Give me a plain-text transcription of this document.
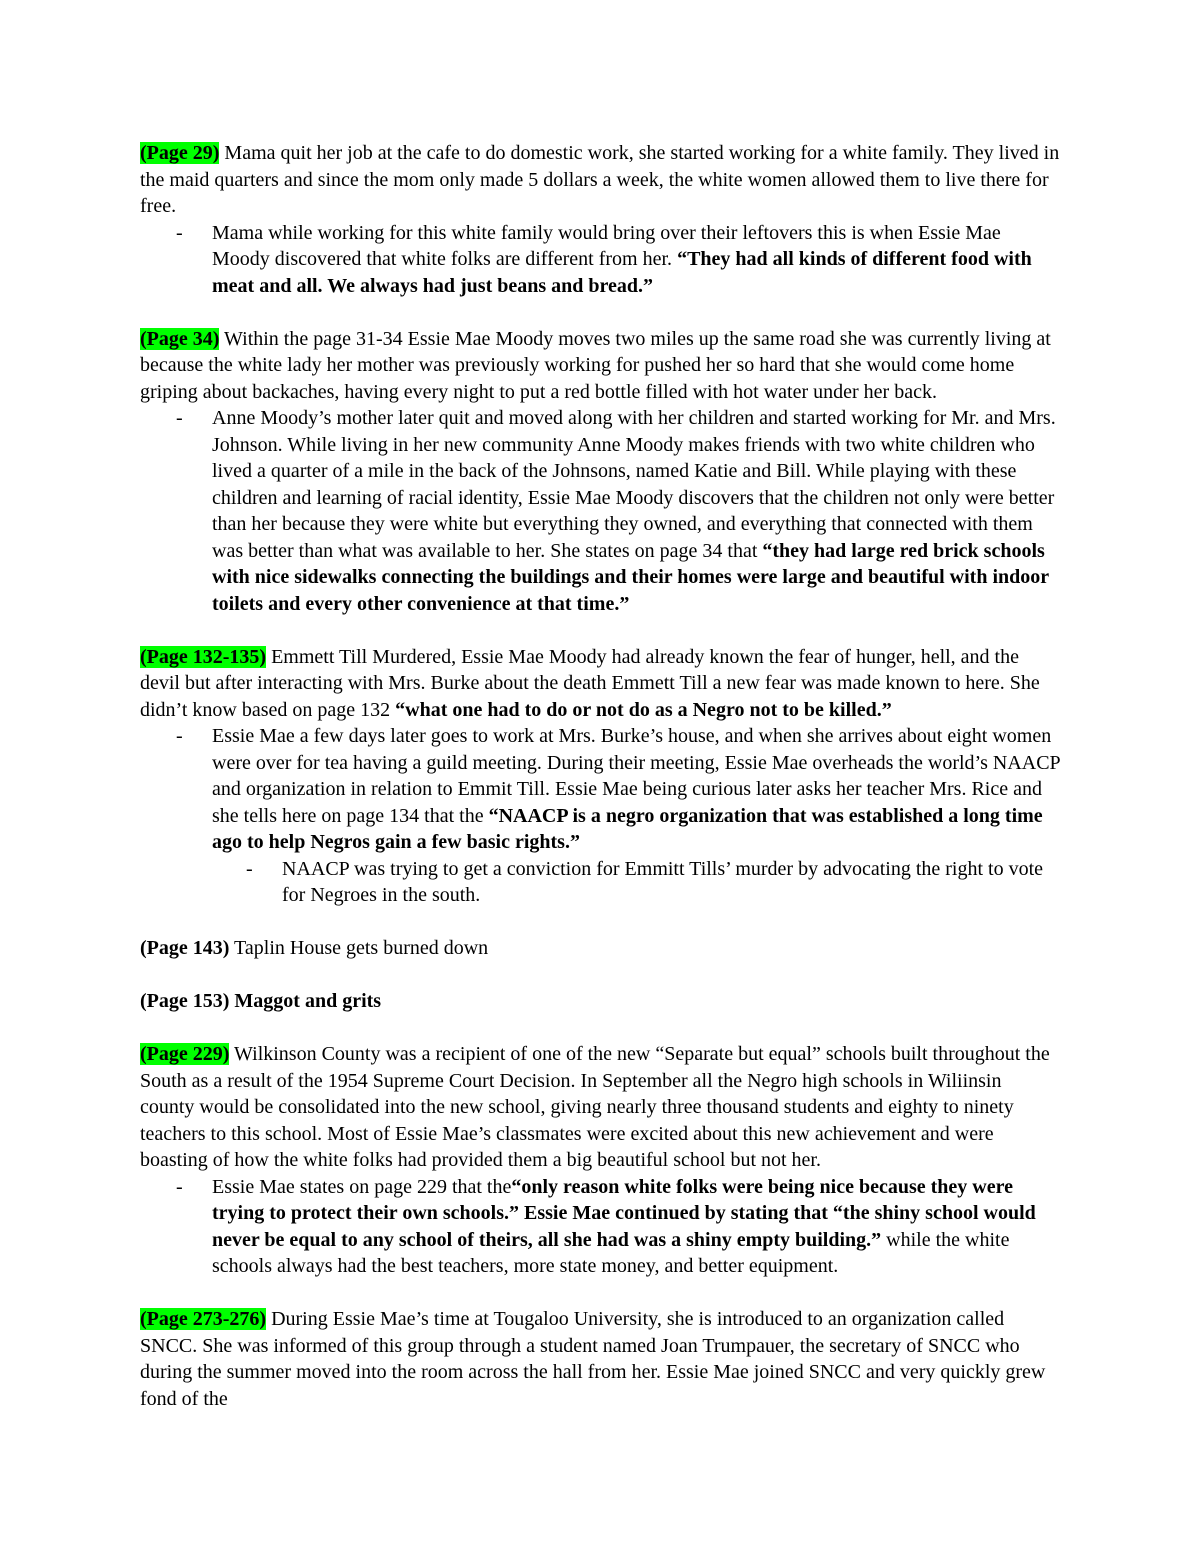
(Page 29) Mama quit her job at the cafe to do domestic work, she started working for a white family. They lived in the maid quarters and since the mom only made 5 dollars a week, the white women allowed them to live there for free.

- Mama while working for this white family would bring over their leftovers this is when Essie Mae Moody discovered that white folks are different from her. “They had all kinds of different food with meat and all. We always had just beans and bread.”

(Page 34) Within the page 31-34 Essie Mae Moody moves two miles up the same road she was currently living at because the white lady her mother was previously working for pushed her so hard that she would come home griping about backaches, having every night to put a red bottle filled with hot water under her back.

- Anne Moody’s mother later quit and moved along with her children and started working for Mr. and Mrs. Johnson. While living in her new community Anne Moody makes friends with two white children who lived a quarter of a mile in the back of the Johnsons, named Katie and Bill. While playing with these children and learning of racial identity, Essie Mae Moody discovers that the children not only were better than her because they were white but everything they owned, and everything that connected with them was better than what was available to her. She states on page 34 that “they had large red brick schools with nice sidewalks connecting the buildings and their homes were large and beautiful with indoor toilets and every other convenience at that time.”

(Page 132-135) Emmett Till Murdered, Essie Mae Moody had already known the fear of hunger, hell, and the devil but after interacting with Mrs. Burke about the death Emmett Till a new fear was made known to here. She didn’t know based on page 132 “what one had to do or not do as a Negro not to be killed.”

- Essie Mae a few days later goes to work at Mrs. Burke’s house, and when she arrives about eight women were over for tea having a guild meeting. During their meeting, Essie Mae overheads the world’s NAACP and organization in relation to Emmit Till. Essie Mae being curious later asks her teacher Mrs. Rice and she tells here on page 134 that the “NAACP is a negro organization that was established a long time ago to help Negros gain a few basic rights.”
- NAACP was trying to get a conviction for Emmitt Tills’ murder by advocating the right to vote for Negroes in the south.

(Page 143) Taplin House gets burned down

(Page 153) Maggot and grits

(Page 229) Wilkinson County was a recipient of one of the new “Separate but equal” schools built throughout the South as a result of the 1954 Supreme Court Decision. In September all the Negro high schools in Wiliinsin county would be consolidated into the new school, giving nearly three thousand students and eighty to ninety teachers to this school. Most of Essie Mae’s classmates were excited about this new achievement and were boasting of how the white folks had provided them a big beautiful school but not her.

- Essie Mae states on page 229 that the“only reason white folks were being nice because they were trying to protect their own schools.” Essie Mae continued by stating that “the shiny school would never be equal to any school of theirs, all she had was a shiny empty building.” while the white schools always had the best teachers, more state money, and better equipment.

(Page 273-276) During Essie Mae’s time at Tougaloo University, she is introduced to an organization called SNCC. She was informed of this group through a student named Joan Trumpauer, the secretary of SNCC who during the summer moved into the room across the hall from her. Essie Mae joined SNCC and very quickly grew fond of the
